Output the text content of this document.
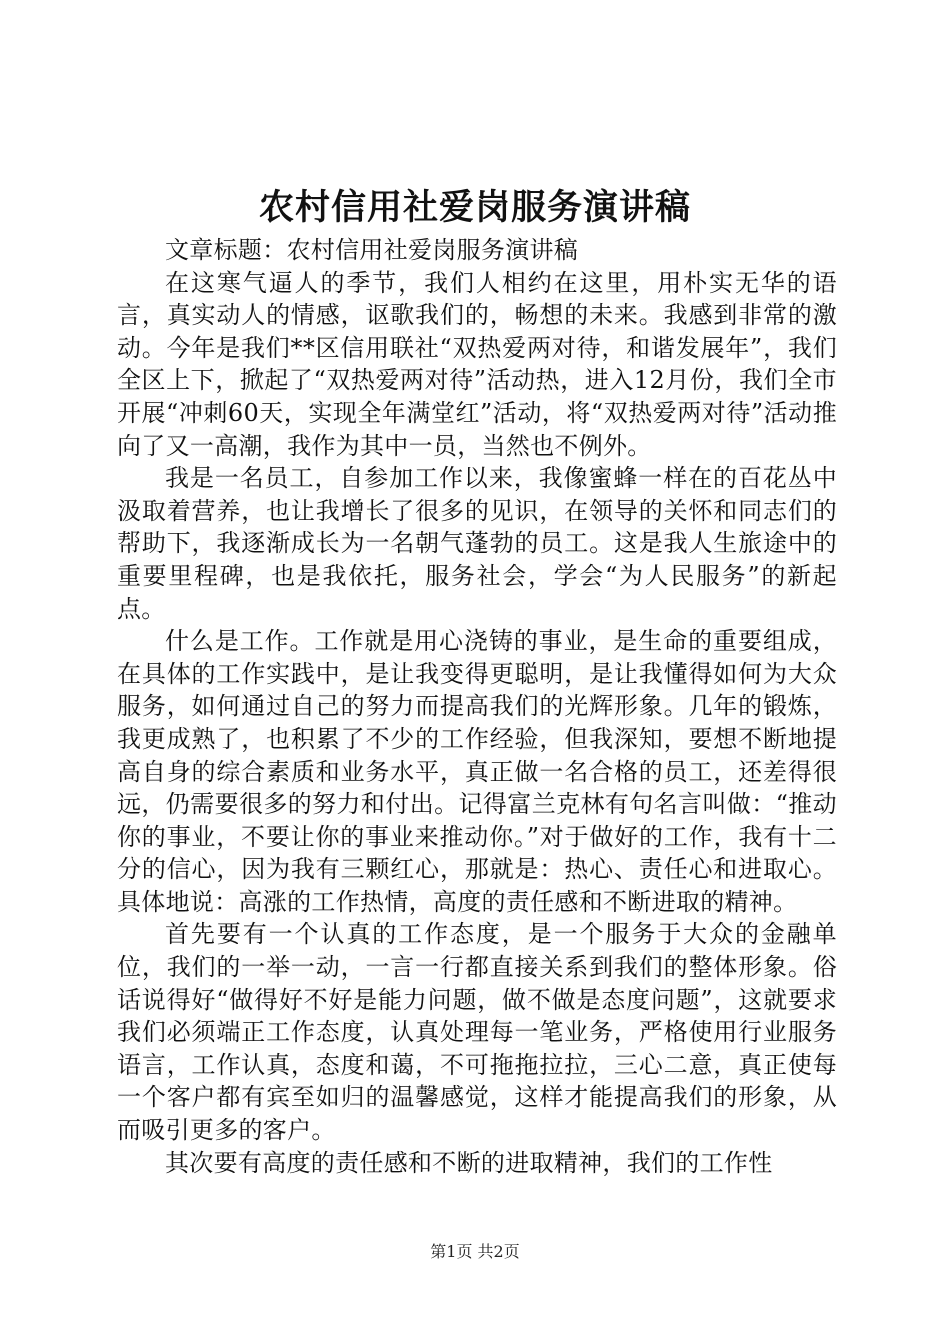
农村信用社爱岗服务演讲稿

文章标题：农村信用社爱岗服务演讲稿

在这寒气逼人的季节，我们人相约在这里，用朴实无华的语言，真实动人的情感，讴歌我们的，畅想的未来。我感到非常的激动。今年是我们**区信用联社“双热爱两对待，和谐发展年”，我们全区上下，掀起了“双热爱两对待”活动热，进入12月份，我们全市开展“冲刺60天，实现全年满堂红”活动，将“双热爱两对待”活动推向了又一高潮，我作为其中一员，当然也不例外。

我是一名员工，自参加工作以来，我像蜜蜂一样在的百花丛中汲取着营养，也让我增长了很多的见识，在领导的关怀和同志们的帮助下，我逐渐成长为一名朝气蓬勃的员工。这是我人生旅途中的重要里程碑，也是我依托，服务社会，学会“为人民服务”的新起点。

什么是工作。工作就是用心浇铸的事业，是生命的重要组成，在具体的工作实践中，是让我变得更聪明，是让我懂得如何为大众服务，如何通过自己的努力而提高我们的光辉形象。几年的锻炼，我更成熟了，也积累了不少的工作经验，但我深知，要想不断地提高自身的综合素质和业务水平，真正做一名合格的员工，还差得很远，仍需要很多的努力和付出。记得富兰克林有句名言叫做：“推动你的事业，不要让你的事业来推动你。”对于做好的工作，我有十二分的信心，因为我有三颗红心，那就是：热心、责任心和进取心。具体地说：高涨的工作热情，高度的责任感和不断进取的精神。

首先要有一个认真的工作态度，是一个服务于大众的金融单位，我们的一举一动，一言一行都直接关系到我们的整体形象。俗话说得好“做得好不好是能力问题，做不做是态度问题”，这就要求我们必须端正工作态度，认真处理每一笔业务，严格使用行业服务语言，工作认真，态度和蔼，不可拖拖拉拉，三心二意，真正使每一个客户都有宾至如归的温馨感觉，这样才能提高我们的形象，从而吸引更多的客户。

其次要有高度的责任感和不断的进取精神，我们的工作性

第1页 共2页
